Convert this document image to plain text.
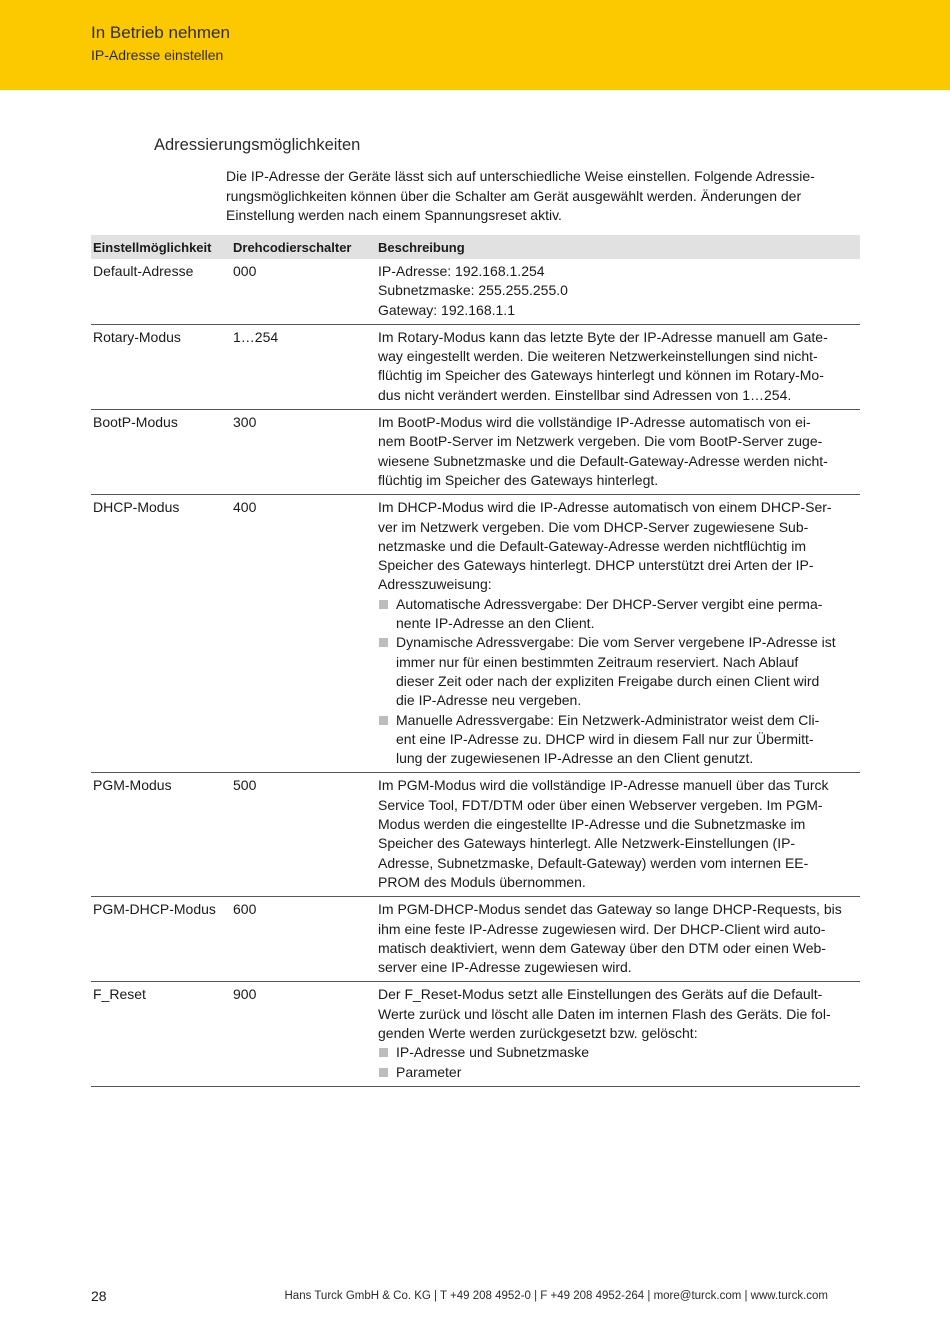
In Betrieb nehmen
IP-Adresse einstellen
Adressierungsmöglichkeiten
Die IP-Adresse der Geräte lässt sich auf unterschiedliche Weise einstellen. Folgende Adressie-
rungsmöglichkeiten können über die Schalter am Gerät ausgewählt werden. Änderungen der
Einstellung werden nach einem Spannungsreset aktiv.
Einstellmöglichkeit	Drehcodierschalter	Beschreibung
Default-Adresse	000	IP-Adresse: 192.168.1.254
Subnetzmaske: 255.255.255.0
Gateway: 192.168.1.1
Rotary-Modus	1…254	Im Rotary-Modus kann das letzte Byte der IP-Adresse manuell am Gate-
way eingestellt werden. Die weiteren Netzwerkeinstellungen sind nicht-
flüchtig im Speicher des Gateways hinterlegt und können im Rotary-Mo-
dus nicht verändert werden. Einstellbar sind Adressen von 1…254.
BootP-Modus	300	Im BootP-Modus wird die vollständige IP-Adresse automatisch von ei-
nem BootP-Server im Netzwerk vergeben. Die vom BootP-Server zuge-
wiesene Subnetzmaske und die Default-Gateway-Adresse werden nicht-
flüchtig im Speicher des Gateways hinterlegt.
DHCP-Modus	400	Im DHCP-Modus wird die IP-Adresse automatisch von einem DHCP-Ser-
ver im Netzwerk vergeben. Die vom DHCP-Server zugewiesene Sub-
netzmaske und die Default-Gateway-Adresse werden nichtflüchtig im
Speicher des Gateways hinterlegt. DHCP unterstützt drei Arten der IP-
Adresszuweisung:
Automatische Adressvergabe: Der DHCP-Server vergibt eine perma-
nente IP-Adresse an den Client.
Dynamische Adressvergabe: Die vom Server vergebene IP-Adresse ist
immer nur für einen bestimmten Zeitraum reserviert. Nach Ablauf
dieser Zeit oder nach der expliziten Freigabe durch einen Client wird
die IP-Adresse neu vergeben.
Manuelle Adressvergabe: Ein Netzwerk-Administrator weist dem Cli-
ent eine IP-Adresse zu. DHCP wird in diesem Fall nur zur Übermitt-
lung der zugewiesenen IP-Adresse an den Client genutzt.
PGM-Modus	500	Im PGM-Modus wird die vollständige IP-Adresse manuell über das Turck
Service Tool, FDT/DTM oder über einen Webserver vergeben. Im PGM-
Modus werden die eingestellte IP-Adresse und die Subnetzmaske im
Speicher des Gateways hinterlegt. Alle Netzwerk-Einstellungen (IP-
Adresse, Subnetzmaske, Default-Gateway) werden vom internen EE-
PROM des Moduls übernommen.
PGM-DHCP-Modus	600	Im PGM-DHCP-Modus sendet das Gateway so lange DHCP-Requests, bis
ihm eine feste IP-Adresse zugewiesen wird. Der DHCP-Client wird auto-
matisch deaktiviert, wenn dem Gateway über den DTM oder einen Web-
server eine IP-Adresse zugewiesen wird.
F_Reset	900	Der F_Reset-Modus setzt alle Einstellungen des Geräts auf die Default-
Werte zurück und löscht alle Daten im internen Flash des Geräts. Die fol-
genden Werte werden zurückgesetzt bzw. gelöscht:
IP-Adresse und Subnetzmaske
Parameter
28	Hans Turck GmbH & Co. KG | T +49 208 4952-0 | F +49 208 4952-264 | more@turck.com | www.turck.com
